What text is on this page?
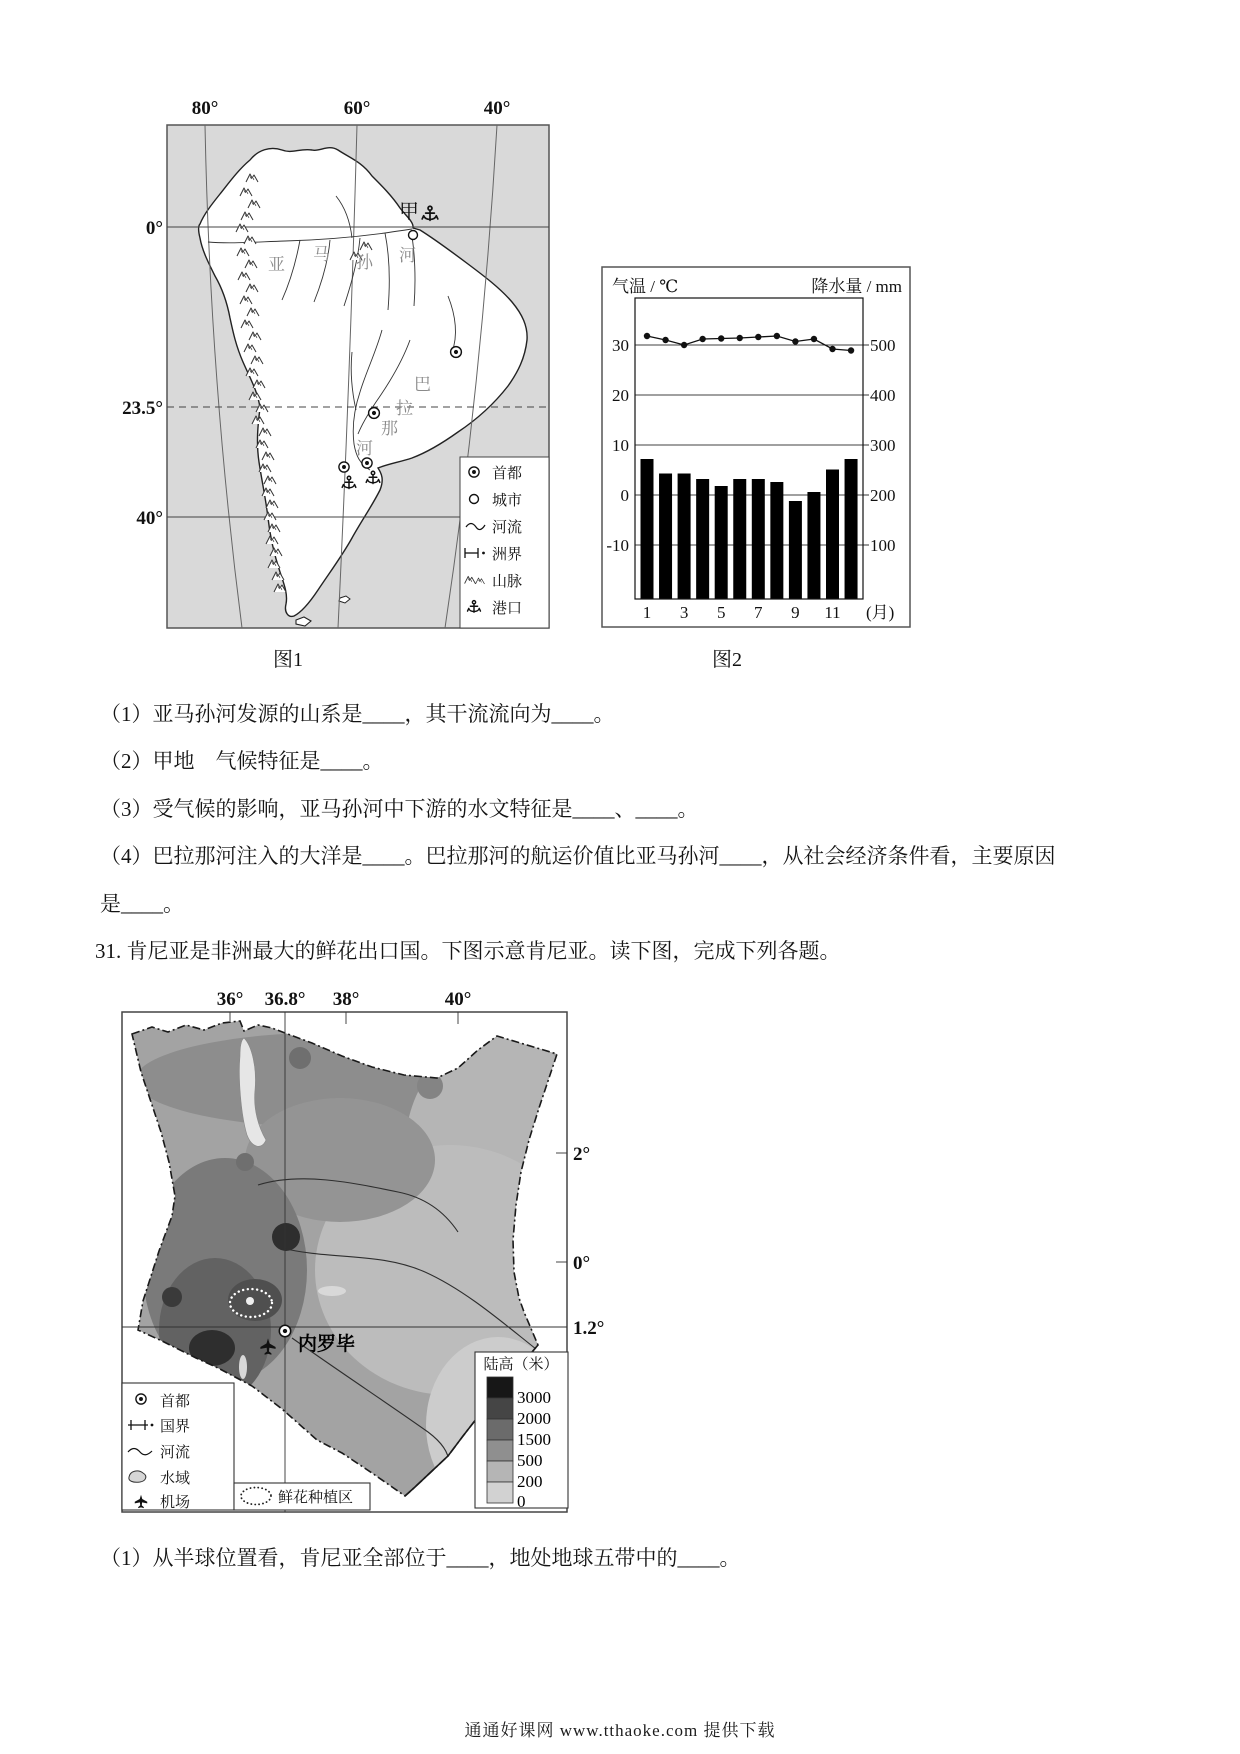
甲
亚
马 孙 河
巴
拉
那
河
80°	60°	40°
0°
23.5°
40°
首都
城市
河流
洲界
山脉
港口
气温 / ℃	降水量 / mm
30
20
10
0
-10
500
400
300
200
100
1 3 5 7 9 11 (月)
图1	图2
（1）亚马孙河发源的山系是____，其干流流向为____。
（2）甲地　气候特征是____。
（3）受气候的影响，亚马孙河中下游的水文特征是____、____。
（4）巴拉那河注入的大洋是____。巴拉那河的航运价值比亚马孙河____，从社会经济条件看，主要原因
是____。
31. 肯尼亚是非洲最大的鲜花出口国。下图示意肯尼亚。读下图，完成下列各题。
36° 36.8° 38°	40°
2°
0°
1.2°
内罗毕
首都
国界
河流
水域
机场	鲜花种植区
陆高（米）
3000
2000
1500
500
200
0
（1）从半球位置看，肯尼亚全部位于____，地处地球五带中的____。
通通好课网 www.tthaoke.com 提供下载
